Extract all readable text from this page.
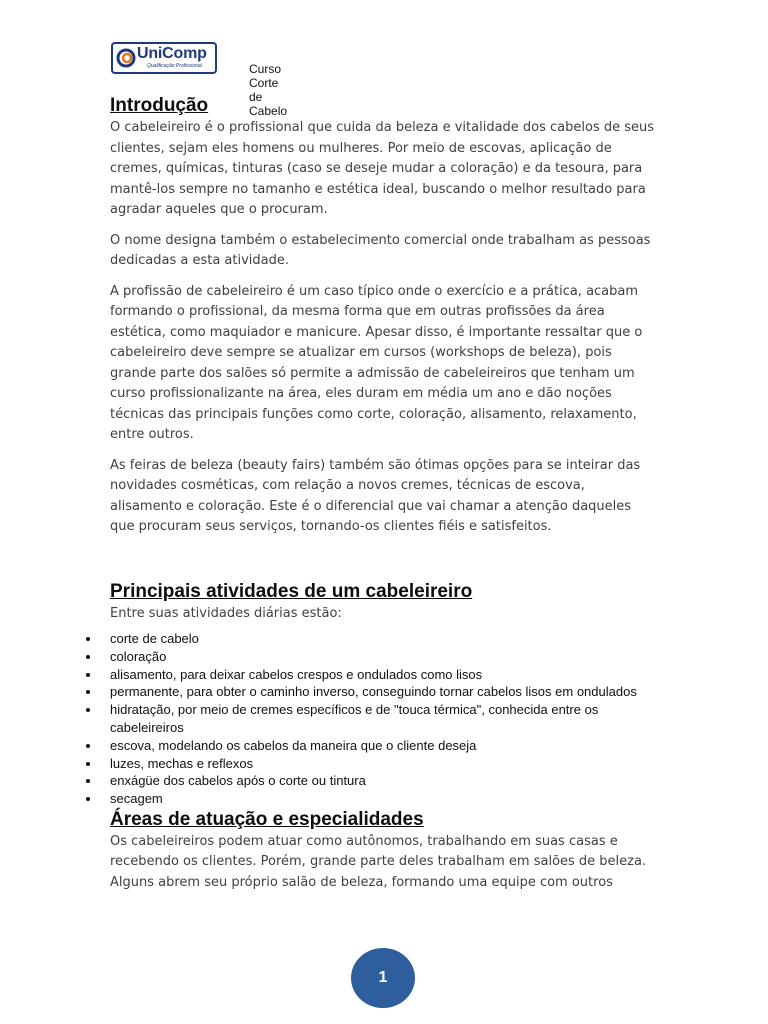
UniComp
Qualificação Profissional	Curso Corte de Cabelo
Introdução

O cabeleireiro é o profissional que cuida da beleza e vitalidade dos cabelos de seus clientes, sejam eles homens ou mulheres. Por meio de escovas, aplicação de cremes, químicas, tinturas (caso se deseje mudar a coloração) e da tesoura, para mantê-los sempre no tamanho e estética ideal, buscando o melhor resultado para agradar aqueles que o procuram.

O nome designa também o estabelecimento comercial onde trabalham as pessoas dedicadas a esta atividade.

A profissão de cabeleireiro é um caso típico onde o exercício e a prática, acabam formando o profissional, da mesma forma que em outras profissões da área estética, como maquiador e manicure. Apesar disso, é importante ressaltar que o cabeleireiro deve sempre se atualizar em cursos (workshops de beleza), pois grande parte dos salões só permite a admissão de cabeleireiros que tenham um curso profissionalizante na área, eles duram em média um ano e dão noções técnicas das principais funções como corte, coloração, alisamento, relaxamento, entre outros.

As feiras de beleza (beauty fairs) também são ótimas opções para se inteirar das novidades cosméticas, com relação a novos cremes, técnicas de escova, alisamento e coloração. Este é o diferencial que vai chamar a atenção daqueles que procuram seus serviços, tornando-os clientes fiéis e satisfeitos.

Principais atividades de um cabeleireiro

Entre suas atividades diárias estão:

corte de cabelo
coloração
alisamento, para deixar cabelos crespos e ondulados como lisos
permanente, para obter o caminho inverso, conseguindo tornar cabelos lisos em ondulados
hidratação, por meio de cremes específicos e de "touca térmica", conhecida entre os cabeleireiros
escova, modelando os cabelos da maneira que o cliente deseja
luzes, mechas e reflexos
enxágüe dos cabelos após o corte ou tintura
secagem
Áreas de atuação e especialidades

Os cabeleireiros podem atuar como autônomos, trabalhando em suas casas e recebendo os clientes. Porém, grande parte deles trabalham em salões de beleza. Alguns abrem seu próprio salão de beleza, formando uma equipe com outros

1
